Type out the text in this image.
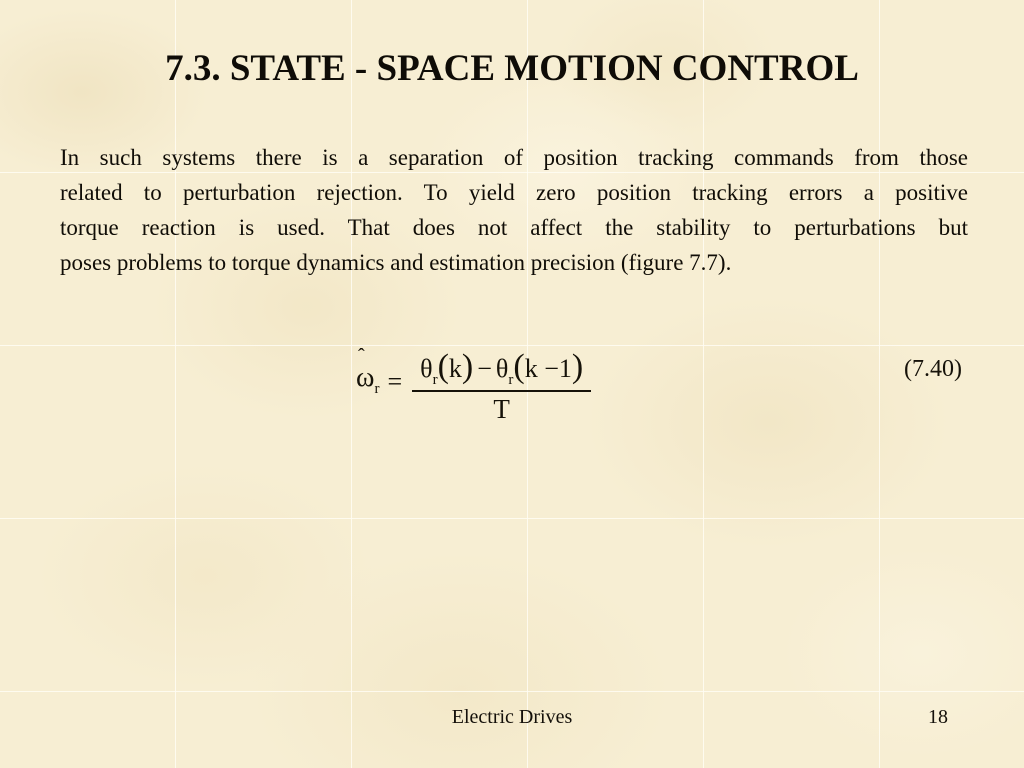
7.3. STATE - SPACE MOTION CONTROL
In such systems there is a separation of position tracking commands from those
related to perturbation rejection. To yield zero position tracking errors a positive
torque reaction is used. That does not affect the stability to perturbations but
poses problems to torque dynamics and estimation precision (figure 7.7).
ˆ
$\omega_r = \frac{\theta_r(k) - \theta_r(k -1)}{T}$	(7.40)
Electric Drives	18
